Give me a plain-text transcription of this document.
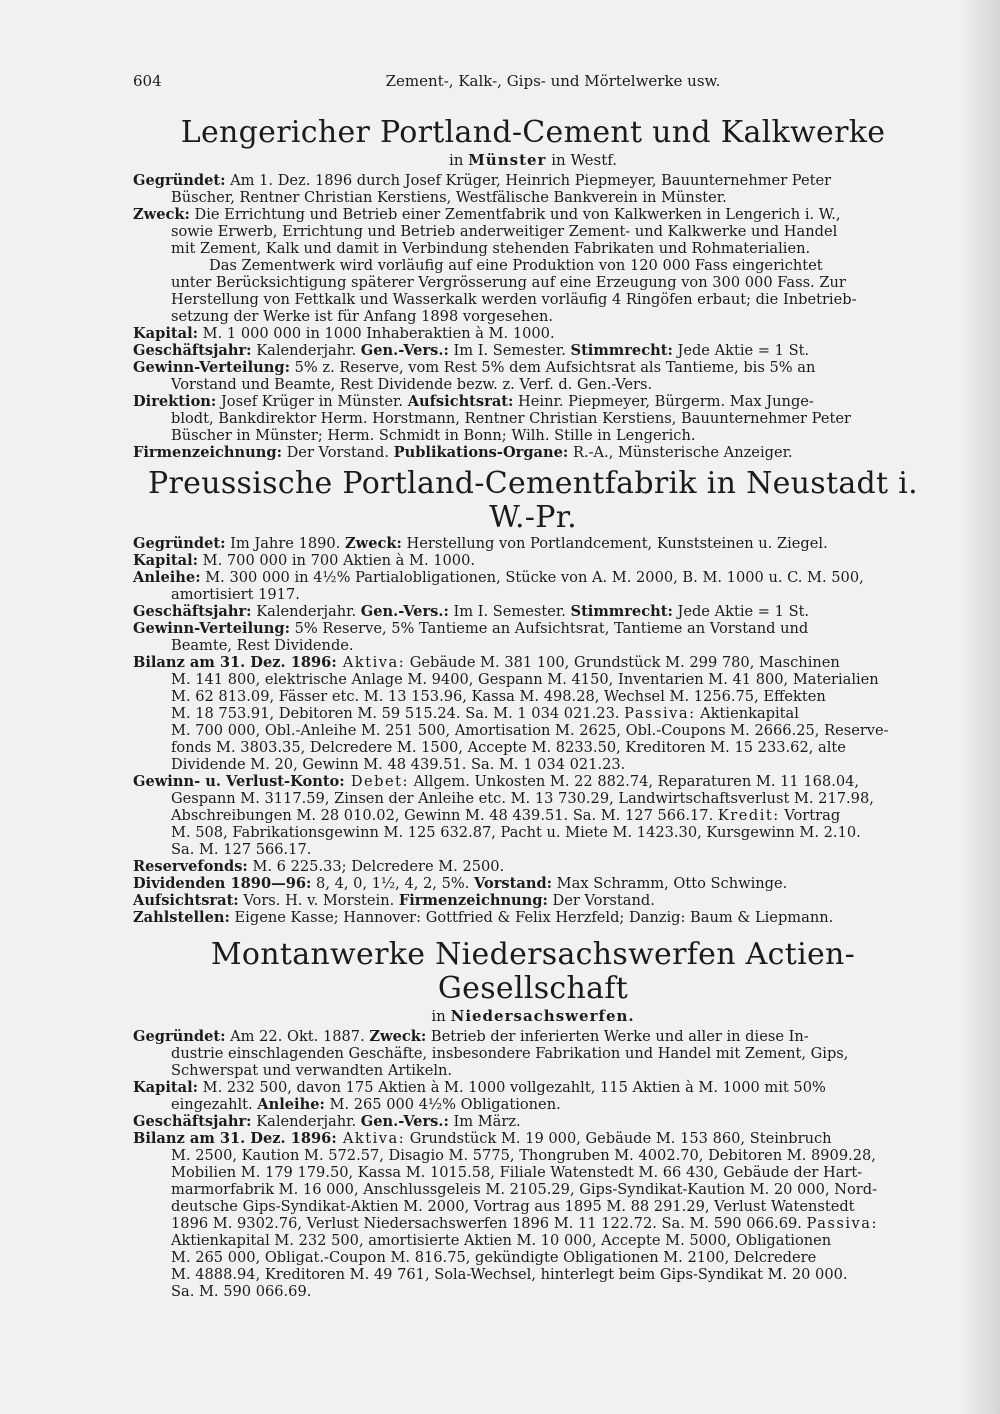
604	Zement-, Kalk-, Gips- und Mörtelwerke usw.
Lengericher Portland-Cement und Kalkwerke
in Münster in Westf.
Gegründet: Am 1. Dez. 1896 durch Josef Krüger, Heinrich Piepmeyer, Bauunternehmer Peter
Büscher, Rentner Christian Kerstiens, Westfälische Bankverein in Münster.
Zweck: Die Errichtung und Betrieb einer Zementfabrik und von Kalkwerken in Lengerich i. W.,
sowie Erwerb, Errichtung und Betrieb anderweitiger Zement- und Kalkwerke und Handel
mit Zement, Kalk und damit in Verbindung stehenden Fabrikaten und Rohmaterialien.
Das Zementwerk wird vorläufig auf eine Produktion von 120 000 Fass eingerichtet
unter Berücksichtigung späterer Vergrösserung auf eine Erzeugung von 300 000 Fass. Zur
Herstellung von Fettkalk und Wasserkalk werden vorläufig 4 Ringöfen erbaut; die Inbetrieb-
setzung der Werke ist für Anfang 1898 vorgesehen.
Kapital: M. 1 000 000 in 1000 Inhaberaktien à M. 1000.
Geschäftsjahr: Kalenderjahr. Gen.-Vers.: Im I. Semester. Stimmrecht: Jede Aktie = 1 St.
Gewinn-Verteilung: 5% z. Reserve, vom Rest 5% dem Aufsichtsrat als Tantieme, bis 5% an
Vorstand und Beamte, Rest Dividende bezw. z. Verf. d. Gen.-Vers.
Direktion: Josef Krüger in Münster. Aufsichtsrat: Heinr. Piepmeyer, Bürgerm. Max Junge-
blodt, Bankdirektor Herm. Horstmann, Rentner Christian Kerstiens, Bauunternehmer Peter
Büscher in Münster; Herm. Schmidt in Bonn; Wilh. Stille in Lengerich.
Firmenzeichnung: Der Vorstand. Publikations-Organe: R.-A., Münsterische Anzeiger.
Preussische Portland-Cementfabrik in Neustadt i. W.-Pr.
Gegründet: Im Jahre 1890. Zweck: Herstellung von Portlandcement, Kunststeinen u. Ziegel.
Kapital: M. 700 000 in 700 Aktien à M. 1000.
Anleihe: M. 300 000 in 4½% Partialobligationen, Stücke von A. M. 2000, B. M. 1000 u. C. M. 500,
amortisiert 1917.
Geschäftsjahr: Kalenderjahr. Gen.-Vers.: Im I. Semester. Stimmrecht: Jede Aktie = 1 St.
Gewinn-Verteilung: 5% Reserve, 5% Tantieme an Aufsichtsrat, Tantieme an Vorstand und
Beamte, Rest Dividende.
Bilanz am 31. Dez. 1896: Aktiva: Gebäude M. 381 100, Grundstück M. 299 780, Maschinen
M. 141 800, elektrische Anlage M. 9400, Gespann M. 4150, Inventarien M. 41 800, Materialien
M. 62 813.09, Fässer etc. M. 13 153.96, Kassa M. 498.28, Wechsel M. 1256.75, Effekten
M. 18 753.91, Debitoren M. 59 515.24. Sa. M. 1 034 021.23. Passiva: Aktienkapital
M. 700 000, Obl.-Anleihe M. 251 500, Amortisation M. 2625, Obl.-Coupons M. 2666.25, Reserve-
fonds M. 3803.35, Delcredere M. 1500, Accepte M. 8233.50, Kreditoren M. 15 233.62, alte
Dividende M. 20, Gewinn M. 48 439.51. Sa. M. 1 034 021.23.
Gewinn- u. Verlust-Konto: Debet: Allgem. Unkosten M. 22 882.74, Reparaturen M. 11 168.04,
Gespann M. 3117.59, Zinsen der Anleihe etc. M. 13 730.29, Landwirtschaftsverlust M. 217.98,
Abschreibungen M. 28 010.02, Gewinn M. 48 439.51. Sa. M. 127 566.17. Kredit: Vortrag
M. 508, Fabrikationsgewinn M. 125 632.87, Pacht u. Miete M. 1423.30, Kursgewinn M. 2.10.
Sa. M. 127 566.17.
Reservefonds: M. 6 225.33; Delcredere M. 2500.
Dividenden 1890—96: 8, 4, 0, 1½, 4, 2, 5%. Vorstand: Max Schramm, Otto Schwinge.
Aufsichtsrat: Vors. H. v. Morstein. Firmenzeichnung: Der Vorstand.
Zahlstellen: Eigene Kasse; Hannover: Gottfried & Felix Herzfeld; Danzig: Baum & Liepmann.
Montanwerke Niedersachswerfen Actien-Gesellschaft
in Niedersachswerfen.
Gegründet: Am 22. Okt. 1887. Zweck: Betrieb der inferierten Werke und aller in diese In-
dustrie einschlagenden Geschäfte, insbesondere Fabrikation und Handel mit Zement, Gips,
Schwerspat und verwandten Artikeln.
Kapital: M. 232 500, davon 175 Aktien à M. 1000 vollgezahlt, 115 Aktien à M. 1000 mit 50%
eingezahlt. Anleihe: M. 265 000 4½% Obligationen.
Geschäftsjahr: Kalenderjahr. Gen.-Vers.: Im März.
Bilanz am 31. Dez. 1896: Aktiva: Grundstück M. 19 000, Gebäude M. 153 860, Steinbruch
M. 2500, Kaution M. 572.57, Disagio M. 5775, Thongruben M. 4002.70, Debitoren M. 8909.28,
Mobilien M. 179 179.50, Kassa M. 1015.58, Filiale Watenstedt M. 66 430, Gebäude der Hart-
marmorfabrik M. 16 000, Anschlussgeleis M. 2105.29, Gips-Syndikat-Kaution M. 20 000, Nord-
deutsche Gips-Syndikat-Aktien M. 2000, Vortrag aus 1895 M. 88 291.29, Verlust Watenstedt
1896 M. 9302.76, Verlust Niedersachswerfen 1896 M. 11 122.72. Sa. M. 590 066.69. Passiva:
Aktienkapital M. 232 500, amortisierte Aktien M. 10 000, Accepte M. 5000, Obligationen
M. 265 000, Obligat.-Coupon M. 816.75, gekündigte Obligationen M. 2100, Delcredere
M. 4888.94, Kreditoren M. 49 761, Sola-Wechsel, hinterlegt beim Gips-Syndikat M. 20 000.
Sa. M. 590 066.69.
